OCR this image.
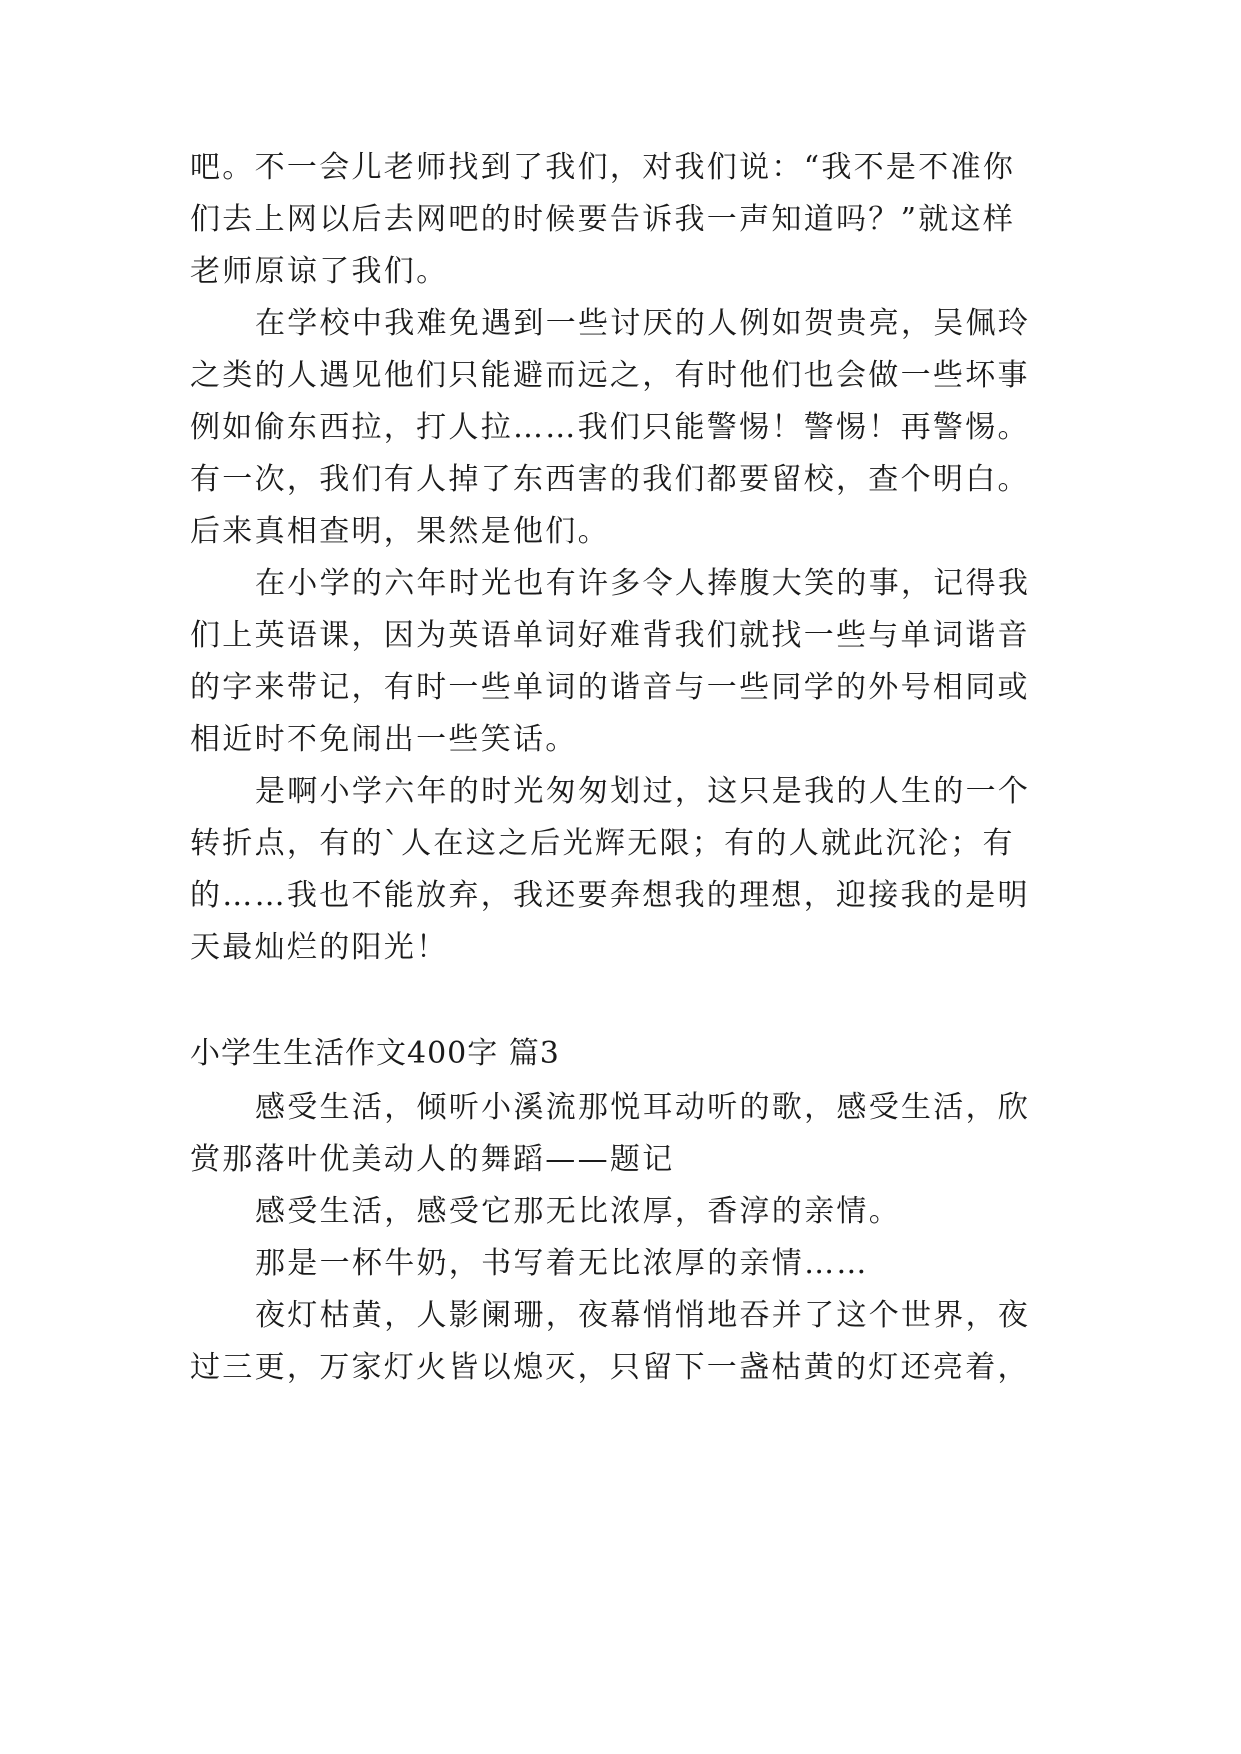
吧。不一会儿老师找到了我们，对我们说：“我不是不准你
们去上网以后去网吧的时候要告诉我一声知道吗？”就这样
老师原谅了我们。
在学校中我难免遇到一些讨厌的人例如贺贵亮，吴佩玲
之类的人遇见他们只能避而远之，有时他们也会做一些坏事
例如偷东西拉，打人拉……我们只能警惕！警惕！再警惕。
有一次，我们有人掉了东西害的我们都要留校，查个明白。
后来真相查明，果然是他们。
在小学的六年时光也有许多令人捧腹大笑的事，记得我
们上英语课，因为英语单词好难背我们就找一些与单词谐音
的字来带记，有时一些单词的谐音与一些同学的外号相同或
相近时不免闹出一些笑话。
是啊小学六年的时光匆匆划过，这只是我的人生的一个
转折点，有的`人在这之后光辉无限；有的人就此沉沦；有
的……我也不能放弃，我还要奔想我的理想，迎接我的是明
天最灿烂的阳光！
小学生生活作文400字 篇3
感受生活，倾听小溪流那悦耳动听的歌，感受生活，欣
赏那落叶优美动人的舞蹈——题记
感受生活，感受它那无比浓厚，香淳的亲情。
那是一杯牛奶，书写着无比浓厚的亲情……
夜灯枯黄，人影阑珊，夜幕悄悄地吞并了这个世界，夜
过三更，万家灯火皆以熄灭，只留下一盏枯黄的灯还亮着，
